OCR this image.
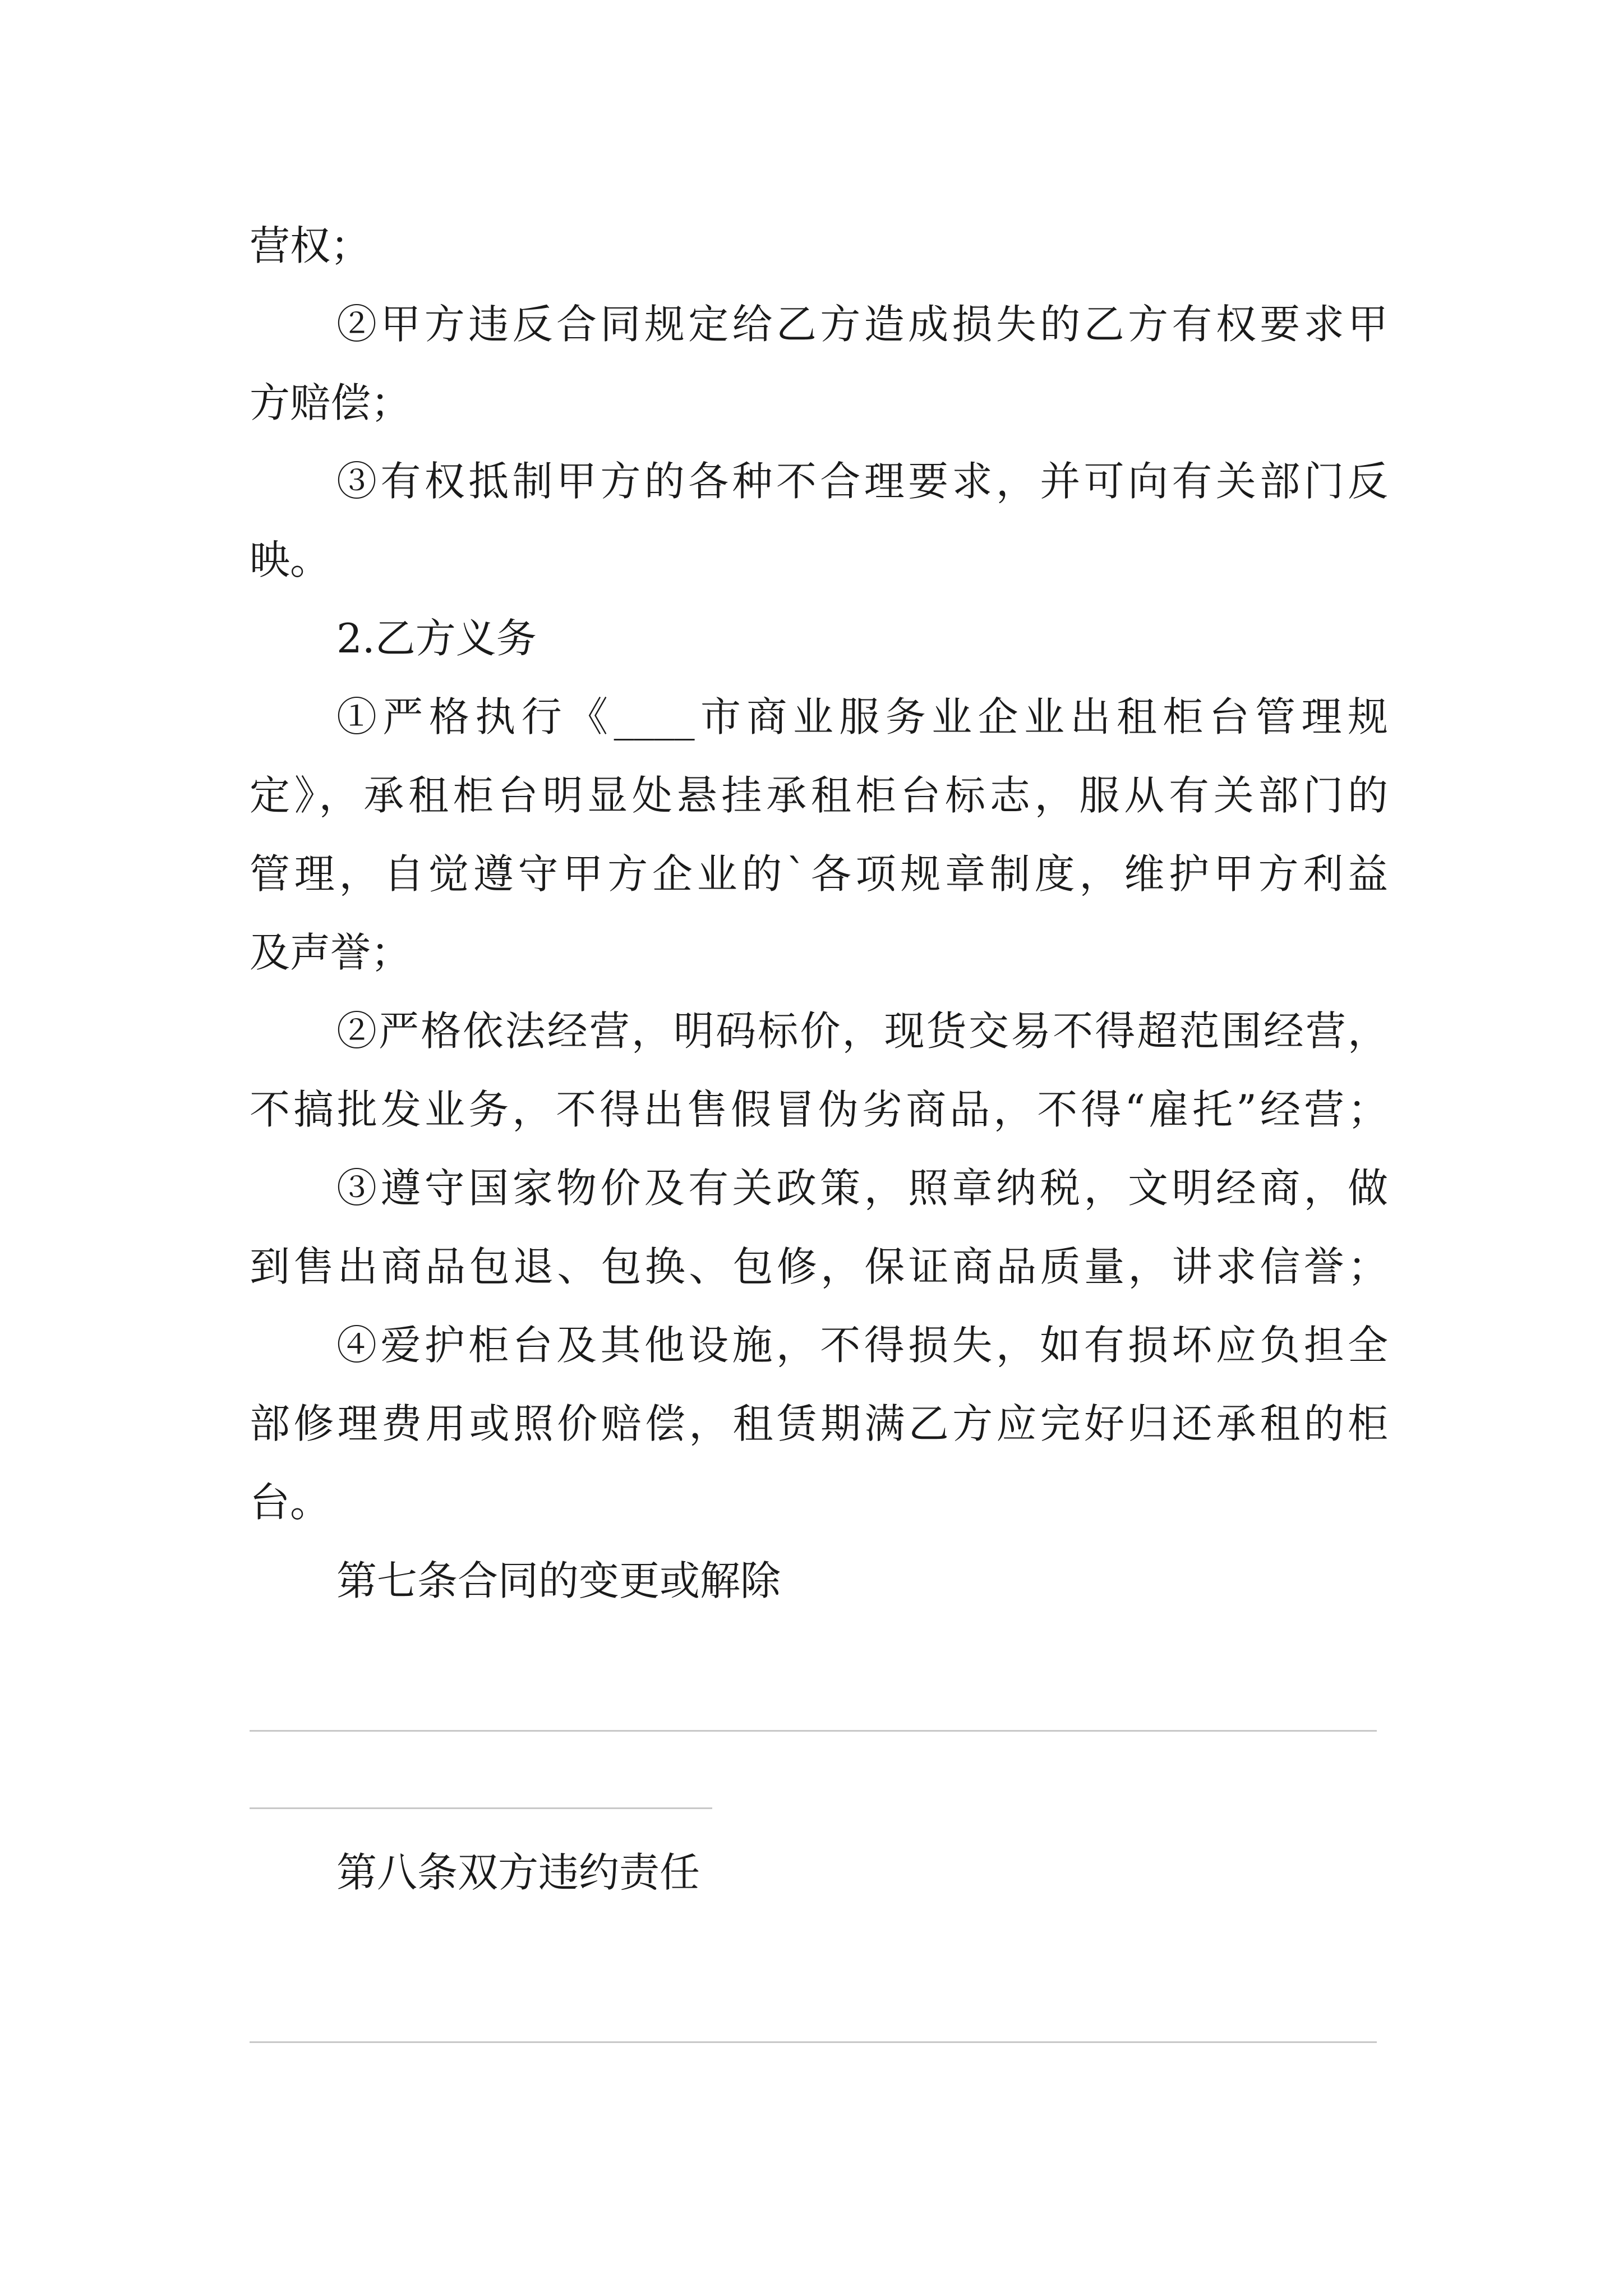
营权；
②甲方违反合同规定给乙方造成损失的乙方有权要求甲
方赔偿；
③有权抵制甲方的各种不合理要求，并可向有关部门反
映。
2.乙方义务
①严格执行《____市商业服务业企业出租柜台管理规
定》，承租柜台明显处悬挂承租柜台标志，服从有关部门的
管理，自觉遵守甲方企业的`各项规章制度，维护甲方利益
及声誉；
②严格依法经营，明码标价，现货交易不得超范围经营，
不搞批发业务，不得出售假冒伪劣商品，不得“雇托”经营；
③遵守国家物价及有关政策，照章纳税，文明经商，做
到售出商品包退、包换、包修，保证商品质量，讲求信誉；
④爱护柜台及其他设施，不得损失，如有损坏应负担全
部修理费用或照价赔偿，租赁期满乙方应完好归还承租的柜
台。
第七条合同的变更或解除
第八条双方违约责任
